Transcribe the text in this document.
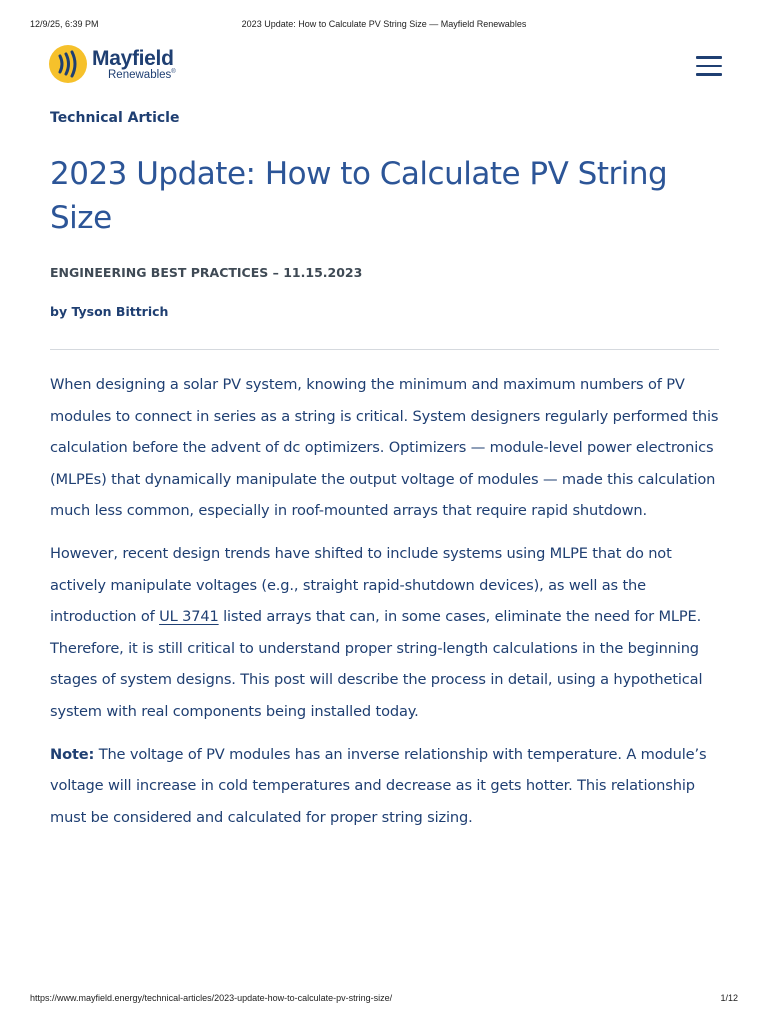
12/9/25, 6:39 PM	2023 Update: How to Calculate PV String Size — Mayfield Renewables
Mayfield
Renewables®
Technical Article
2023 Update: How to Calculate PV String Size
ENGINEERING BEST PRACTICES – 11.15.2023
by Tyson Bittrich

When designing a solar PV system, knowing the minimum and maximum numbers of PV modules to connect in series as a string is critical. System designers regularly performed this calculation before the advent of dc optimizers. Optimizers — module-level power electronics (MLPEs) that dynamically manipulate the output voltage of modules — made this calculation much less common, especially in roof-mounted arrays that require rapid shutdown.

However, recent design trends have shifted to include systems using MLPE that do not actively manipulate voltages (e.g., straight rapid-shutdown devices), as well as the introduction of UL 3741 listed arrays that can, in some cases, eliminate the need for MLPE. Therefore, it is still critical to understand proper string-length calculations in the beginning stages of system designs. This post will describe the process in detail, using a hypothetical system with real components being installed today.

Note: The voltage of PV modules has an inverse relationship with temperature. A module’s voltage will increase in cold temperatures and decrease as it gets hotter. This relationship must be considered and calculated for proper string sizing.

https://www.mayfield.energy/technical-articles/2023-update-how-to-calculate-pv-string-size/	1/12
